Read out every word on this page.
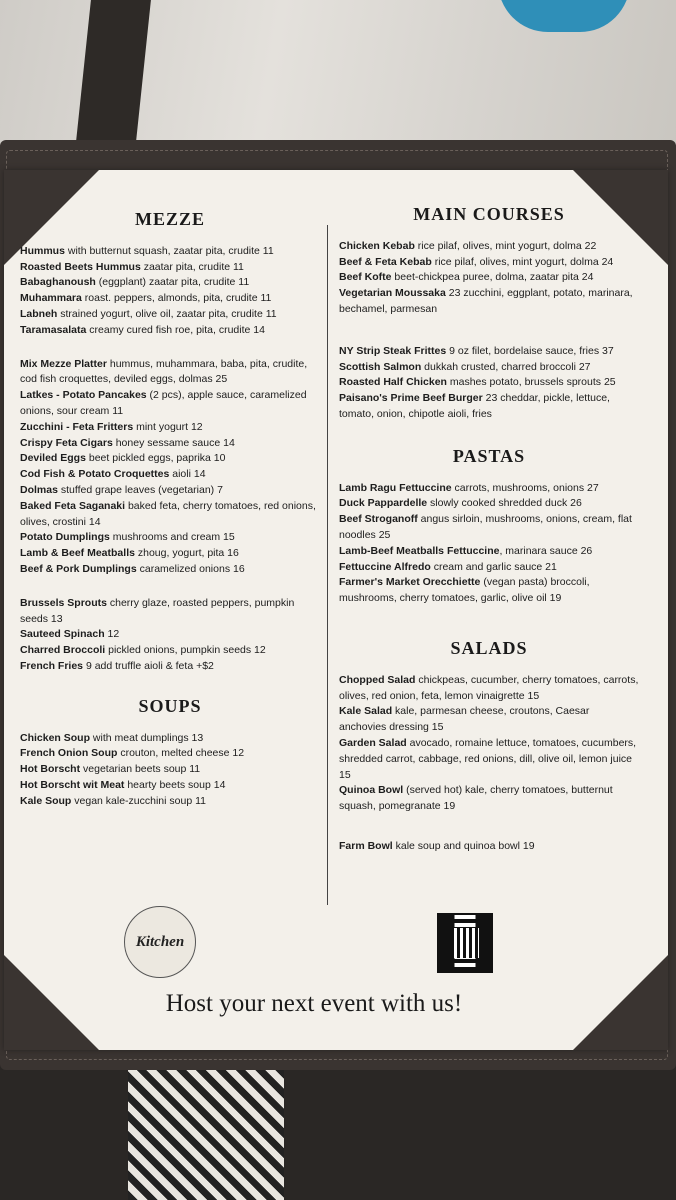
MEZZE

Hummus with butternut squash, zaatar pita, crudite 11

Roasted Beets Hummus zaatar pita, crudite 11

Babaghanoush (eggplant) zaatar pita, crudite 11

Muhammara roast. peppers, almonds, pita, crudite 11

Labneh strained yogurt, olive oil, zaatar pita, crudite 11

Taramasalata creamy cured fish roe, pita, crudite 14

Mix Mezze Platter hummus, muhammara, baba, pita, crudite, cod fish croquettes, deviled eggs, dolmas 25

Latkes - Potato Pancakes (2 pcs), apple sauce, caramelized onions, sour cream 11

Zucchini - Feta Fritters mint yogurt 12

Crispy Feta Cigars honey sessame sauce 14

Deviled Eggs beet pickled eggs, paprika 10

Cod Fish & Potato Croquettes aioli 14

Dolmas stuffed grape leaves (vegetarian) 7

Baked Feta Saganaki baked feta, cherry tomatoes, red onions, olives, crostini 14

Potato Dumplings mushrooms and cream 15

Lamb & Beef Meatballs zhoug, yogurt, pita 16

Beef & Pork Dumplings caramelized onions 16

Brussels Sprouts cherry glaze, roasted peppers, pumpkin seeds 13

Sauteed Spinach 12

Charred Broccoli pickled onions, pumpkin seeds 12

French Fries 9 add truffle aioli & feta +$2

SOUPS

Chicken Soup with meat dumplings 13

French Onion Soup crouton, melted cheese 12

Hot Borscht vegetarian beets soup 11

Hot Borscht wit Meat hearty beets soup 14

Kale Soup vegan kale-zucchini soup 11

MAIN COURSES

Chicken Kebab rice pilaf, olives, mint yogurt, dolma 22

Beef & Feta Kebab rice pilaf, olives, mint yogurt, dolma 24

Beef Kofte beet-chickpea puree, dolma, zaatar pita 24

Vegetarian Moussaka 23 zucchini, eggplant, potato, marinara, bechamel, parmesan

NY Strip Steak Frittes 9 oz filet, bordelaise sauce, fries 37

Scottish Salmon dukkah crusted, charred broccoli 27

Roasted Half Chicken mashes potato, brussels sprouts 25

Paisano's Prime Beef Burger 23 cheddar, pickle, lettuce, tomato, onion, chipotle aioli, fries

PASTAS

Lamb Ragu Fettuccine carrots, mushrooms, onions 27

Duck Pappardelle slowly cooked shredded duck 26

Beef Stroganoff angus sirloin, mushrooms, onions, cream, flat noodles 25

Lamb-Beef Meatballs Fettuccine, marinara sauce 26

Fettuccine Alfredo cream and garlic sauce 21

Farmer's Market Orecchiette (vegan pasta) broccoli, mushrooms, cherry tomatoes, garlic, olive oil 19

SALADS

Chopped Salad chickpeas, cucumber, cherry tomatoes, carrots, olives, red onion, feta, lemon vinaigrette 15

Kale Salad kale, parmesan cheese, croutons, Caesar anchovies dressing 15

Garden Salad avocado, romaine lettuce, tomatoes, cucumbers, shredded carrot, cabbage, red onions, dill, olive oil, lemon juice 15

Quinoa Bowl (served hot) kale, cherry tomatoes, butternut squash, pomegranate 19

Farm Bowl kale soup and quinoa bowl 19

Kitchen
Host your next event with us!
